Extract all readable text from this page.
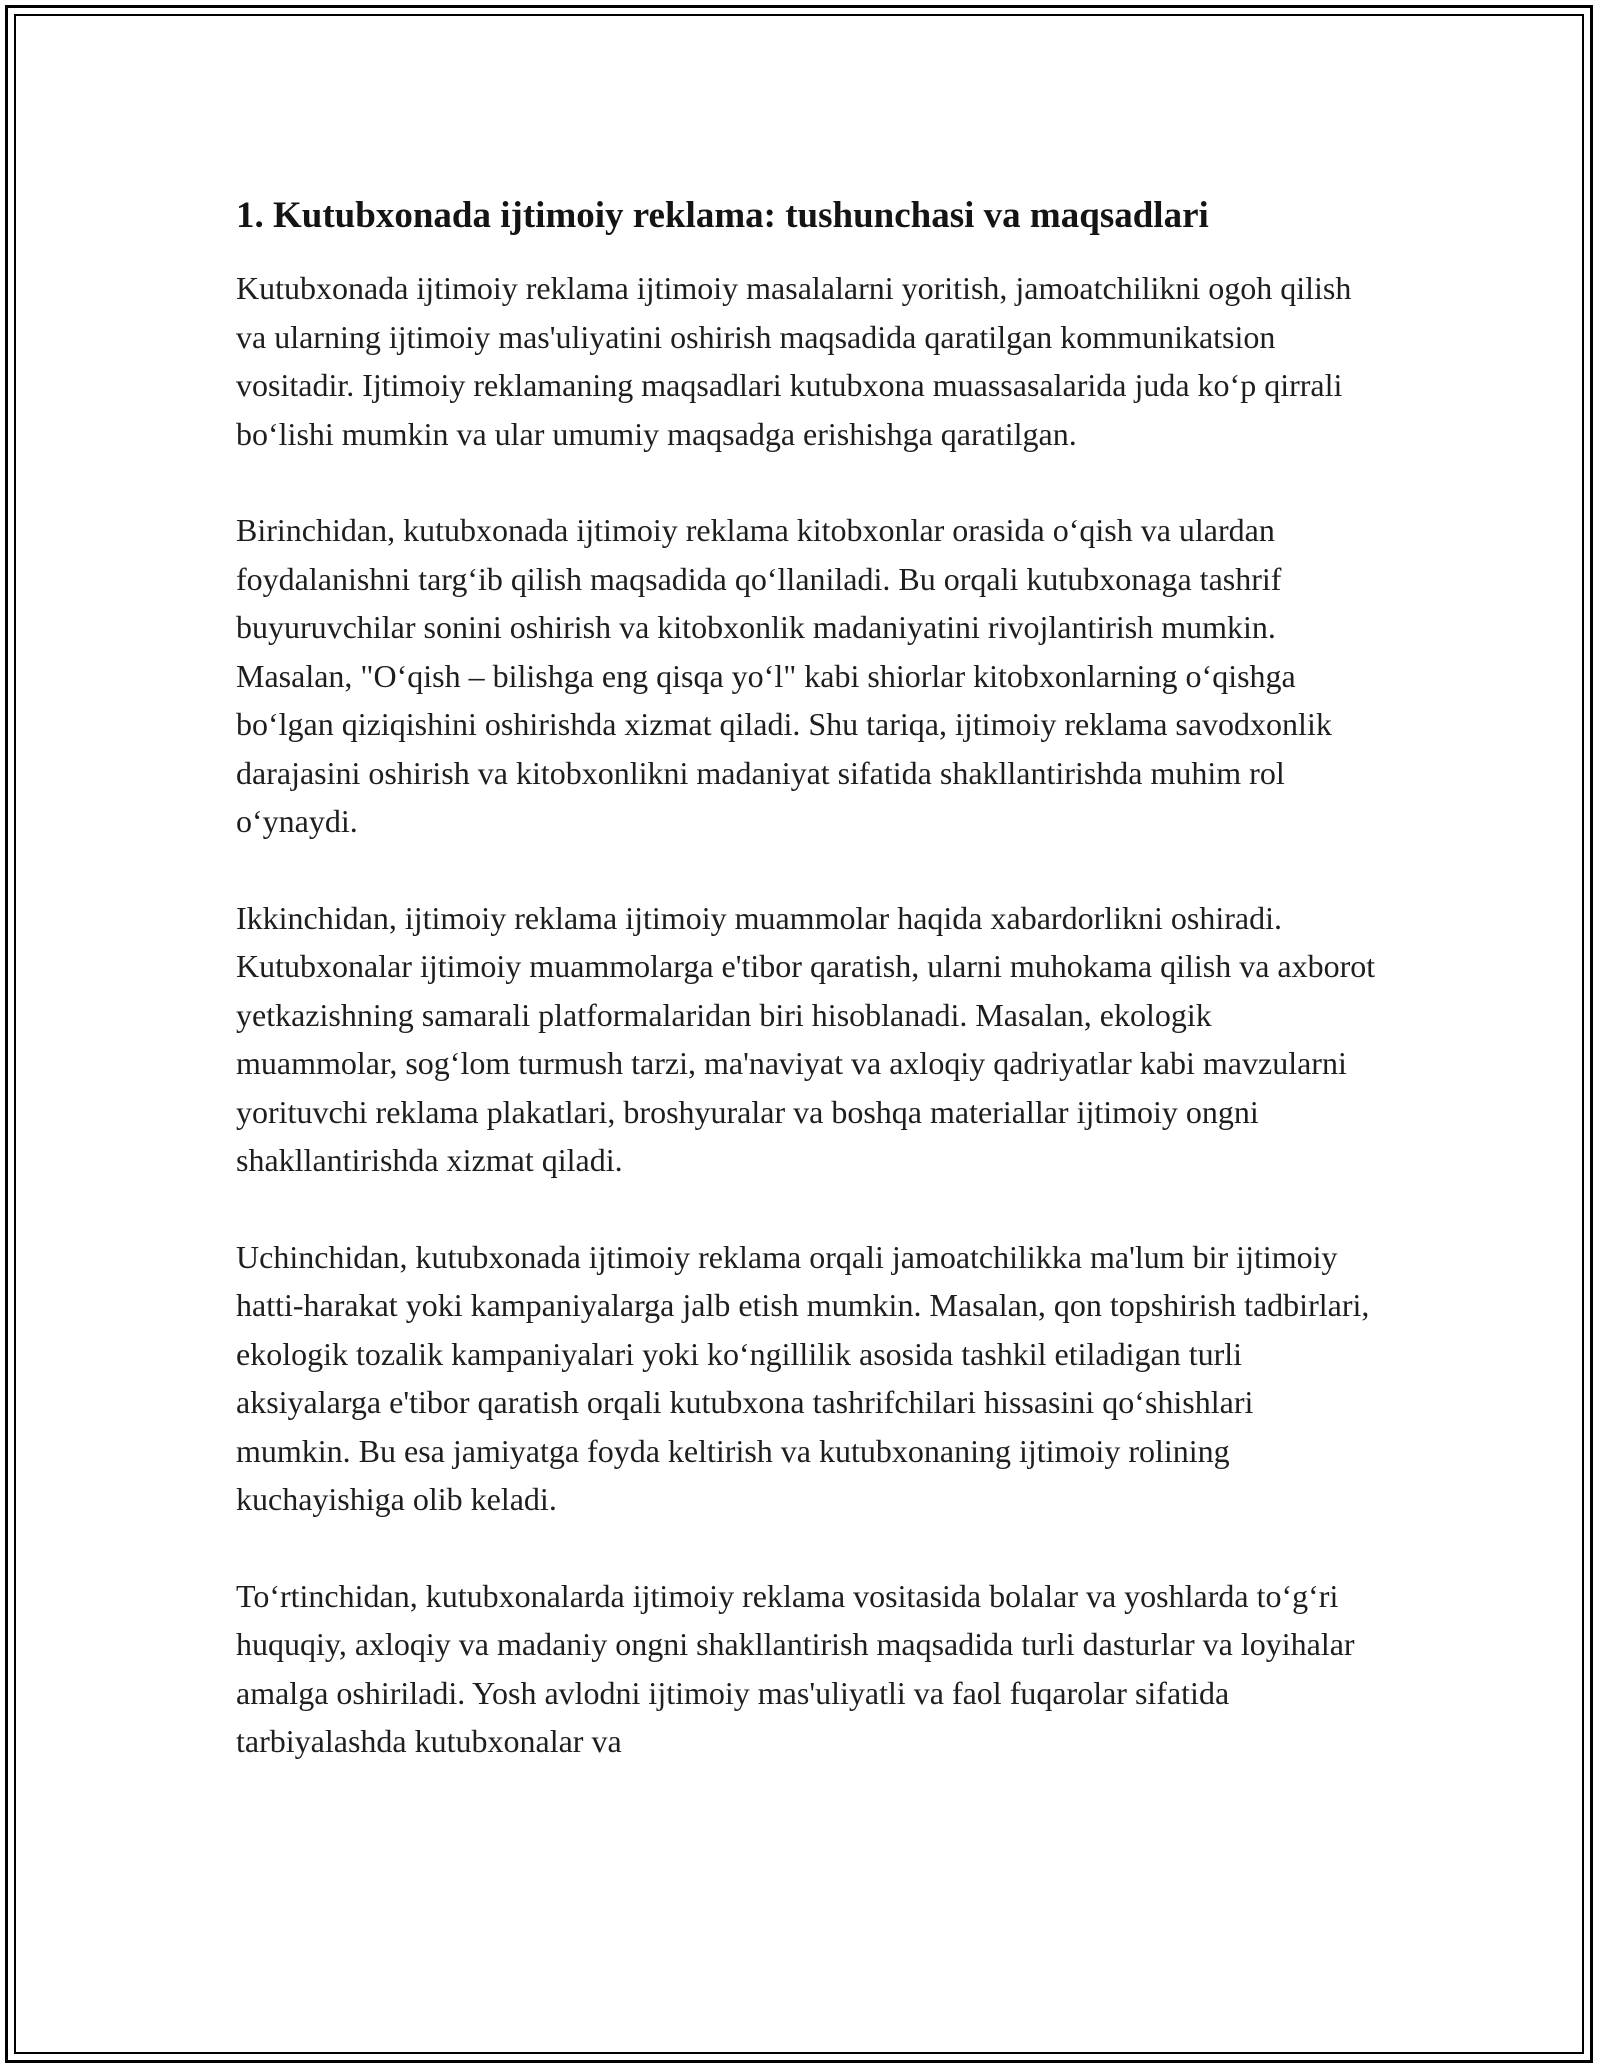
1. Kutubxonada ijtimoiy reklama: tushunchasi va maqsadlari

Kutubxonada ijtimoiy reklama ijtimoiy masalalarni yoritish, jamoatchilikni ogoh qilish va ularning ijtimoiy mas'uliyatini oshirish maqsadida qaratilgan kommunikatsion vositadir. Ijtimoiy reklamaning maqsadlari kutubxona muassasalarida juda ko‘p qirrali bo‘lishi mumkin va ular umumiy maqsadga erishishga qaratilgan.

Birinchidan, kutubxonada ijtimoiy reklama kitobxonlar orasida o‘qish va ulardan foydalanishni targ‘ib qilish maqsadida qo‘llaniladi. Bu orqali kutubxonaga tashrif buyuruvchilar sonini oshirish va kitobxonlik madaniyatini rivojlantirish mumkin. Masalan, "O‘qish – bilishga eng qisqa yo‘l" kabi shiorlar kitobxonlarning o‘qishga bo‘lgan qiziqishini oshirishda xizmat qiladi. Shu tariqa, ijtimoiy reklama savodxonlik darajasini oshirish va kitobxonlikni madaniyat sifatida shakllantirishda muhim rol o‘ynaydi.

Ikkinchidan, ijtimoiy reklama ijtimoiy muammolar haqida xabardorlikni oshiradi. Kutubxonalar ijtimoiy muammolarga e'tibor qaratish, ularni muhokama qilish va axborot yetkazishning samarali platformalaridan biri hisoblanadi. Masalan, ekologik muammolar, sog‘lom turmush tarzi, ma'naviyat va axloqiy qadriyatlar kabi mavzularni yorituvchi reklama plakatlari, broshyuralar va boshqa materiallar ijtimoiy ongni shakllantirishda xizmat qiladi.

Uchinchidan, kutubxonada ijtimoiy reklama orqali jamoatchilikka ma'lum bir ijtimoiy hatti-harakat yoki kampaniyalarga jalb etish mumkin. Masalan, qon topshirish tadbirlari, ekologik tozalik kampaniyalari yoki ko‘ngillilik asosida tashkil etiladigan turli aksiyalarga e'tibor qaratish orqali kutubxona tashrifchilari hissasini qo‘shishlari mumkin. Bu esa jamiyatga foyda keltirish va kutubxonaning ijtimoiy rolining kuchayishiga olib keladi.

To‘rtinchidan, kutubxonalarda ijtimoiy reklama vositasida bolalar va yoshlarda to‘g‘ri huquqiy, axloqiy va madaniy ongni shakllantirish maqsadida turli dasturlar va loyihalar amalga oshiriladi. Yosh avlodni ijtimoiy mas'uliyatli va faol fuqarolar sifatida tarbiyalashda kutubxonalar va
